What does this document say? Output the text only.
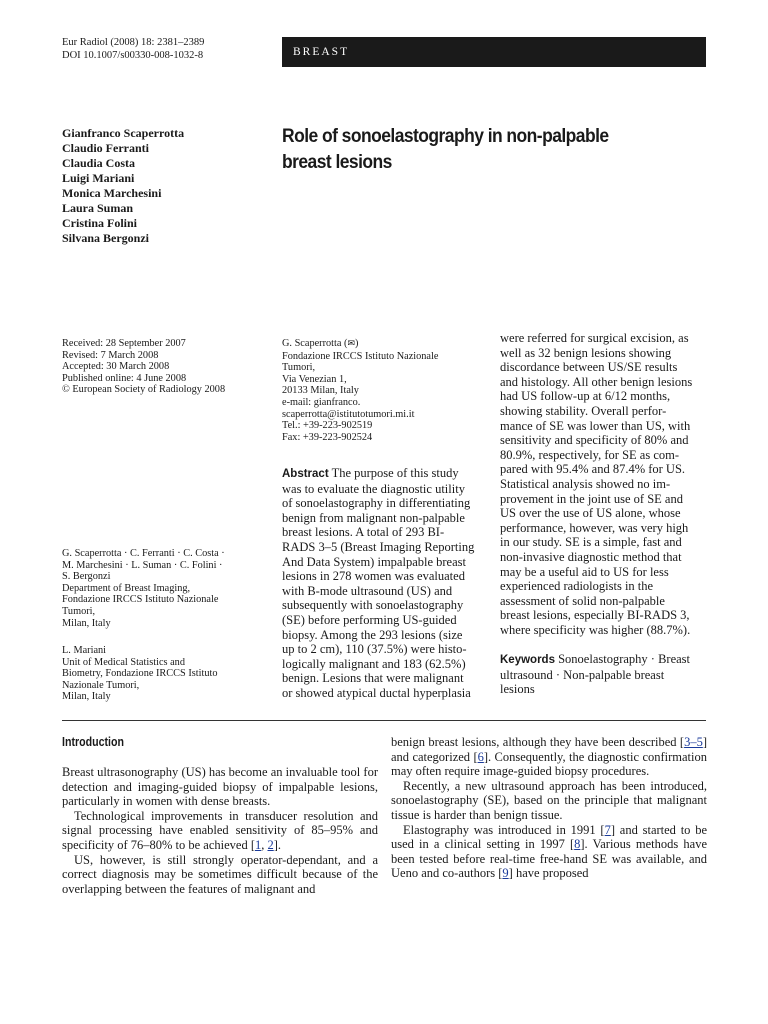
Eur Radiol (2008) 18: 2381–2389
DOI 10.1007/s00330-008-1032-8	BREAST
Gianfranco Scaperrotta
Claudio Ferranti
Claudia Costa
Luigi Mariani
Monica Marchesini
Laura Suman
Cristina Folini
Silvana Bergonzi
Role of sonoelastography in non-palpable
breast lesions
Received: 28 September 2007
Revised: 7 March 2008
Accepted: 30 March 2008
Published online: 4 June 2008
© European Society of Radiology 2008
G. Scaperrotta (✉)
Fondazione IRCCS Istituto Nazionale
Tumori,
Via Venezian 1,
20133 Milan, Italy
e-mail: gianfranco.
scaperrotta@istitutotumori.mi.it
Tel.: +39-223-902519
Fax: +39-223-902524
G. Scaperrotta · C. Ferranti · C. Costa ·
M. Marchesini · L. Suman · C. Folini ·
S. Bergonzi
Department of Breast Imaging,
Fondazione IRCCS Istituto Nazionale
Tumori,
Milan, Italy
L. Mariani
Unit of Medical Statistics and
Biometry, Fondazione IRCCS Istituto
Nazionale Tumori,
Milan, Italy
Abstract The purpose of this study
was to evaluate the diagnostic utility
of sonoelastography in differentiating
benign from malignant non-palpable
breast lesions. A total of 293 BI-
RADS 3–5 (Breast Imaging Reporting
And Data System) impalpable breast
lesions in 278 women was evaluated
with B-mode ultrasound (US) and
subsequently with sonoelastography
(SE) before performing US-guided
biopsy. Among the 293 lesions (size
up to 2 cm), 110 (37.5%) were histo-
logically malignant and 183 (62.5%)
benign. Lesions that were malignant
or showed atypical ductal hyperplasia
were referred for surgical excision, as
well as 32 benign lesions showing
discordance between US/SE results
and histology. All other benign lesions
had US follow-up at 6/12 months,
showing stability. Overall perfor-
mance of SE was lower than US, with
sensitivity and specificity of 80% and
80.9%, respectively, for SE as com-
pared with 95.4% and 87.4% for US.
Statistical analysis showed no im-
provement in the joint use of SE and
US over the use of US alone, whose
performance, however, was very high
in our study. SE is a simple, fast and
non-invasive diagnostic method that
may be a useful aid to US for less
experienced radiologists in the
assessment of solid non-palpable
breast lesions, especially BI-RADS 3,
where specificity was higher (88.7%).
Keywords Sonoelastography · Breast
ultrasound · Non-palpable breast
lesions
Introduction
Breast ultrasonography (US) has become an invaluable tool for detection and imaging-guided biopsy of impalpable lesions, particularly in women with dense breasts.
Technological improvements in transducer resolution and signal processing have enabled sensitivity of 85–95% and specificity of 76–80% to be achieved [1, 2].
US, however, is still strongly operator-dependant, and a correct diagnosis may be sometimes difficult because of the overlapping between the features of malignant and
benign breast lesions, although they have been described [3–5] and categorized [6]. Consequently, the diagnostic confirmation may often require image-guided biopsy procedures.
Recently, a new ultrasound approach has been introduced, sonoelastography (SE), based on the principle that malignant tissue is harder than benign tissue.
Elastography was introduced in 1991 [7] and started to be used in a clinical setting in 1997 [8]. Various methods have been tested before real-time free-hand SE was available, and Ueno and co-authors [9] have proposed
